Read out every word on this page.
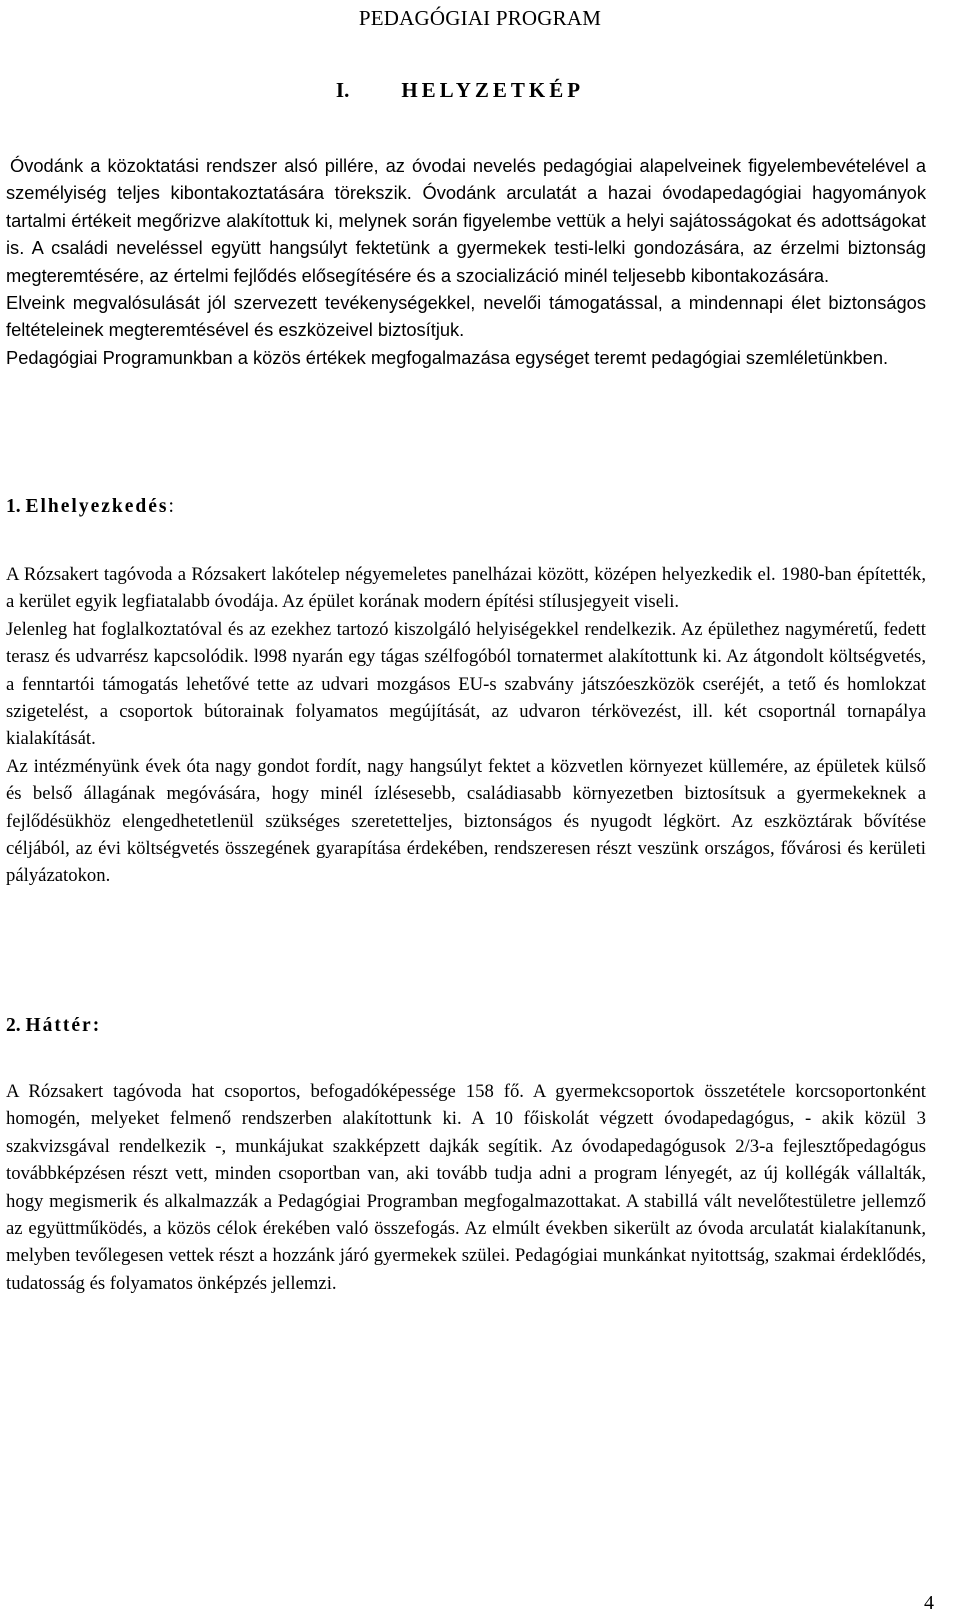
PEDAGÓGIAI PROGRAM
I. HELYZETKÉP

Óvodánk a közoktatási rendszer alsó pillére, az óvodai nevelés pedagógiai alapelveinek figyelembevételével a személyiség teljes kibontakoztatására törekszik. Óvodánk arculatát a hazai óvodapedagógiai hagyományok tartalmi értékeit megőrizve alakítottuk ki, melynek során figyelembe vettük a helyi sajátosságokat és adottságokat is. A családi neveléssel együtt hangsúlyt fektetünk a gyermekek testi-lelki gondozására, az érzelmi biztonság megteremtésére, az értelmi fejlődés elősegítésére és a szocializáció minél teljesebb kibontakozására.

Elveink megvalósulását jól szervezett tevékenységekkel, nevelői támogatással, a mindennapi élet biztonságos feltételeinek megteremtésével és eszközeivel biztosítjuk.

Pedagógiai Programunkban a közös értékek megfogalmazása egységet teremt pedagógiai szemléletünkben.

1. Elhelyezkedés:

A Rózsakert tagóvoda a Rózsakert lakótelep négyemeletes panelházai között, középen helyezkedik el. 1980-ban építették, a kerület egyik legfiatalabb óvodája. Az épület korának modern építési stílusjegyeit viseli.

Jelenleg hat foglalkoztatóval és az ezekhez tartozó kiszolgáló helyiségekkel rendelkezik. Az épülethez nagyméretű, fedett terasz és udvarrész kapcsolódik. l998 nyarán egy tágas szélfogóból tornatermet alakítottunk ki. Az átgondolt költségvetés, a fenntartói támogatás lehetővé tette az udvari mozgásos EU-s szabvány játszóeszközök cseréjét, a tető és homlokzat szigetelést, a csoportok bútorainak folyamatos megújítását, az udvaron térkövezést, ill. két csoportnál tornapálya kialakítását.

Az intézményünk évek óta nagy gondot fordít, nagy hangsúlyt fektet a közvetlen környezet küllemére, az épületek külső és belső állagának megóvására, hogy minél ízlésesebb, családiasabb környezetben biztosítsuk a gyermekeknek a fejlődésükhöz elengedhetetlenül szükséges szeretetteljes, biztonságos és nyugodt légkört. Az eszköztárak bővítése céljából, az évi költségvetés összegének gyarapítása érdekében, rendszeresen részt veszünk országos, fővárosi és kerületi pályázatokon.

2. Háttér:

A Rózsakert tagóvoda hat csoportos, befogadóképessége 158 fő. A gyermekcsoportok összetétele korcsoportonként homogén, melyeket felmenő rendszerben alakítottunk ki. A 10 főiskolát végzett óvodapedagógus, - akik közül 3 szakvizsgával rendelkezik -, munkájukat szakképzett dajkák segítik. Az óvodapedagógusok 2/3-a fejlesztőpedagógus továbbképzésen részt vett, minden csoportban van, aki tovább tudja adni a program lényegét, az új kollégák vállalták, hogy megismerik és alkalmazzák a Pedagógiai Programban megfogalmazottakat. A stabillá vált nevelőtestületre jellemző az együttműködés, a közös célok érekében való összefogás. Az elmúlt években sikerült az óvoda arculatát kialakítanunk, melyben tevőlegesen vettek részt a hozzánk járó gyermekek szülei. Pedagógiai munkánkat nyitottság, szakmai érdeklődés, tudatosság és folyamatos önképzés jellemzi.

4
